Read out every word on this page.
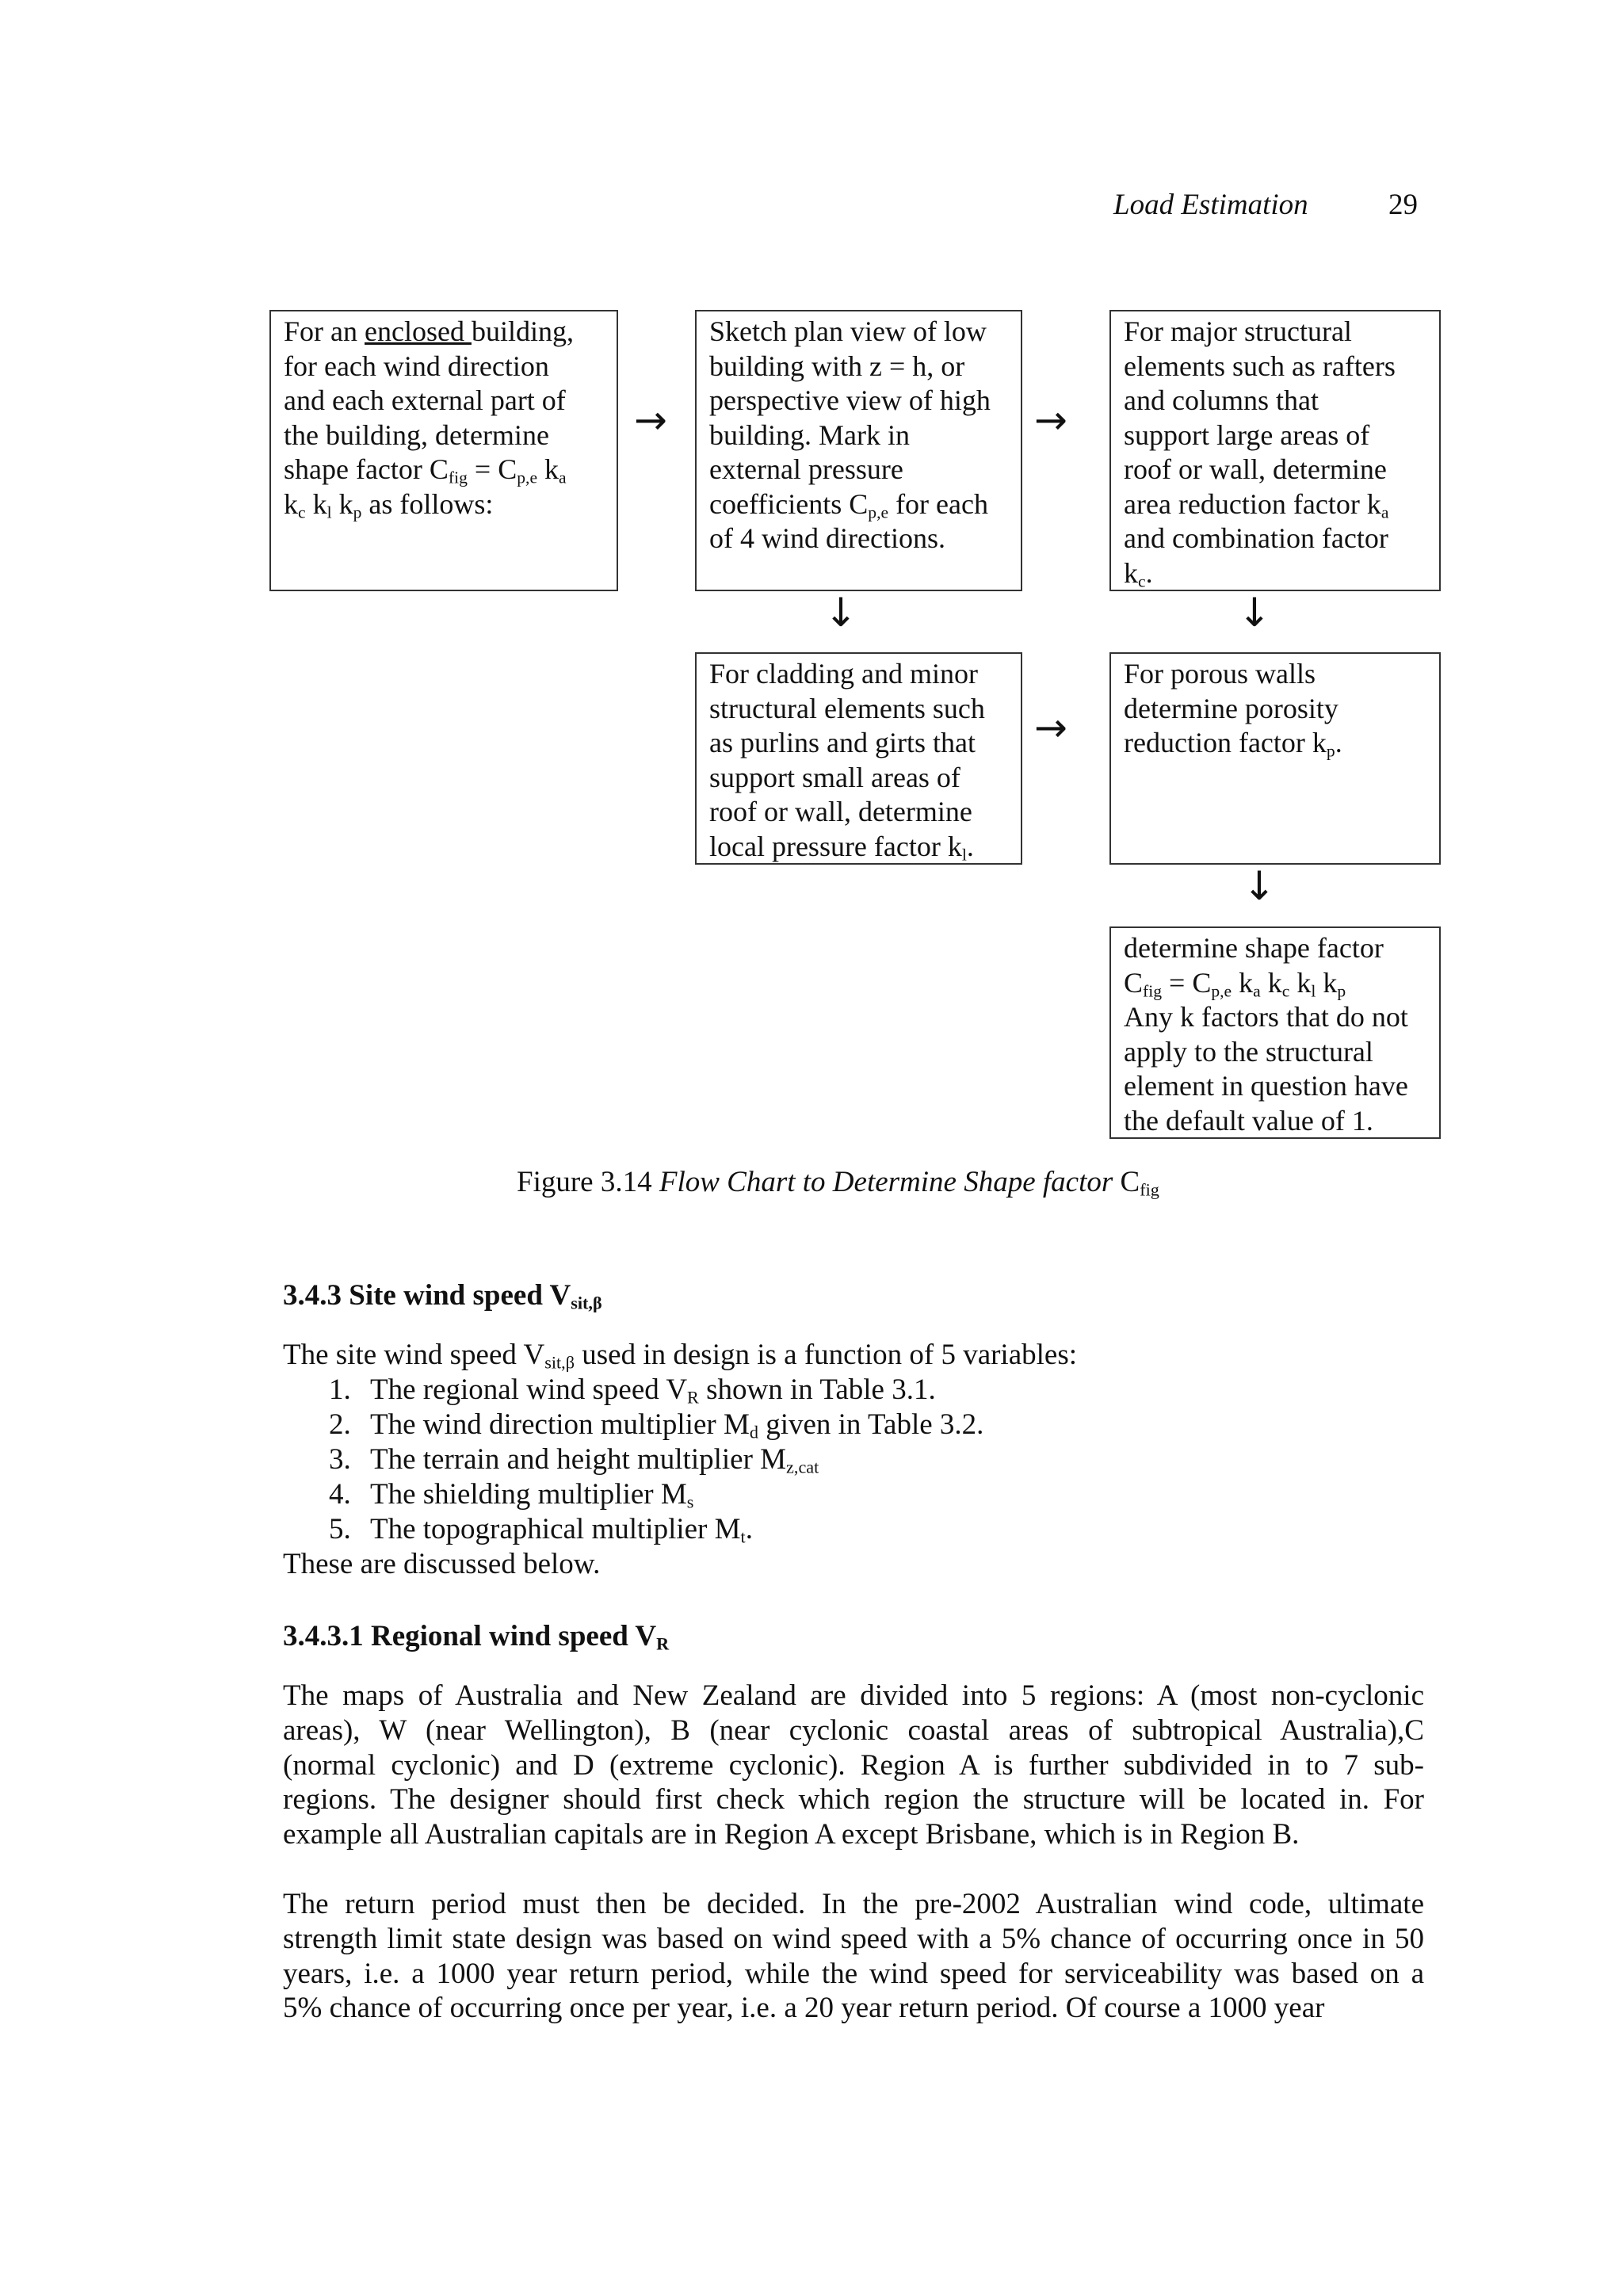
Load Estimation	29
For an enclosed building,
for each wind direction
and each external part of
the building, determine
shape factor $C_{fig} = C_{p,e}$ $k_a$
$k_c$ $k_l$ $k_p$ as follows:
→
Sketch plan view of low
building with z = h, or
perspective view of high
building. Mark in
external pressure
coefficients $C_{p,e}$ for each
of 4 wind directions.
→
For major structural
elements such as rafters
and columns that
support large areas of
roof or wall, determine
area reduction factor $k_a$
and combination factor
$k_c$.
↓	↓
For cladding and minor
structural elements such
as purlins and girts that
support small areas of
roof or wall, determine
local pressure factor $k_l$.
→
For porous walls
determine porosity
reduction factor $k_p$.
↓
determine shape factor
$C_{fig} = C_{p,e}$ $k_a$ $k_c$ $k_l$ $k_p$
Any k factors that do not
apply to the structural
element in question have
the default value of 1.
Figure 3.14 Flow Chart to Determine Shape factor $C_{fig}$
3.4.3 Site wind speed $V_{sit,\beta}$
The site wind speed $V_{sit,\beta}$ used in design is a function of 5 variables:
1. The regional wind speed $V_R$ shown in Table 3.1.
2. The wind direction multiplier $M_d$ given in Table 3.2.
3. The terrain and height multiplier $M_{z,cat}$
4. The shielding multiplier $M_s$
5. The topographical multiplier $M_t$.
These are discussed below.
3.4.3.1 Regional wind speed $V_R$
The maps of Australia and New Zealand are divided into 5 regions: A (most non-cyclonic
areas), W (near Wellington), B (near cyclonic coastal areas of subtropical Australia),C
(normal cyclonic) and D (extreme cyclonic). Region A is further subdivided in to 7 sub-
regions. The designer should first check which region the structure will be located in. For
example all Australian capitals are in Region A except Brisbane, which is in Region B.
The return period must then be decided. In the pre-2002 Australian wind code, ultimate
strength limit state design was based on wind speed with a 5% chance of occurring once in 50
years, i.e. a 1000 year return period, while the wind speed for serviceability was based on a
5% chance of occurring once per year, i.e. a 20 year return period. Of course a 1000 year
